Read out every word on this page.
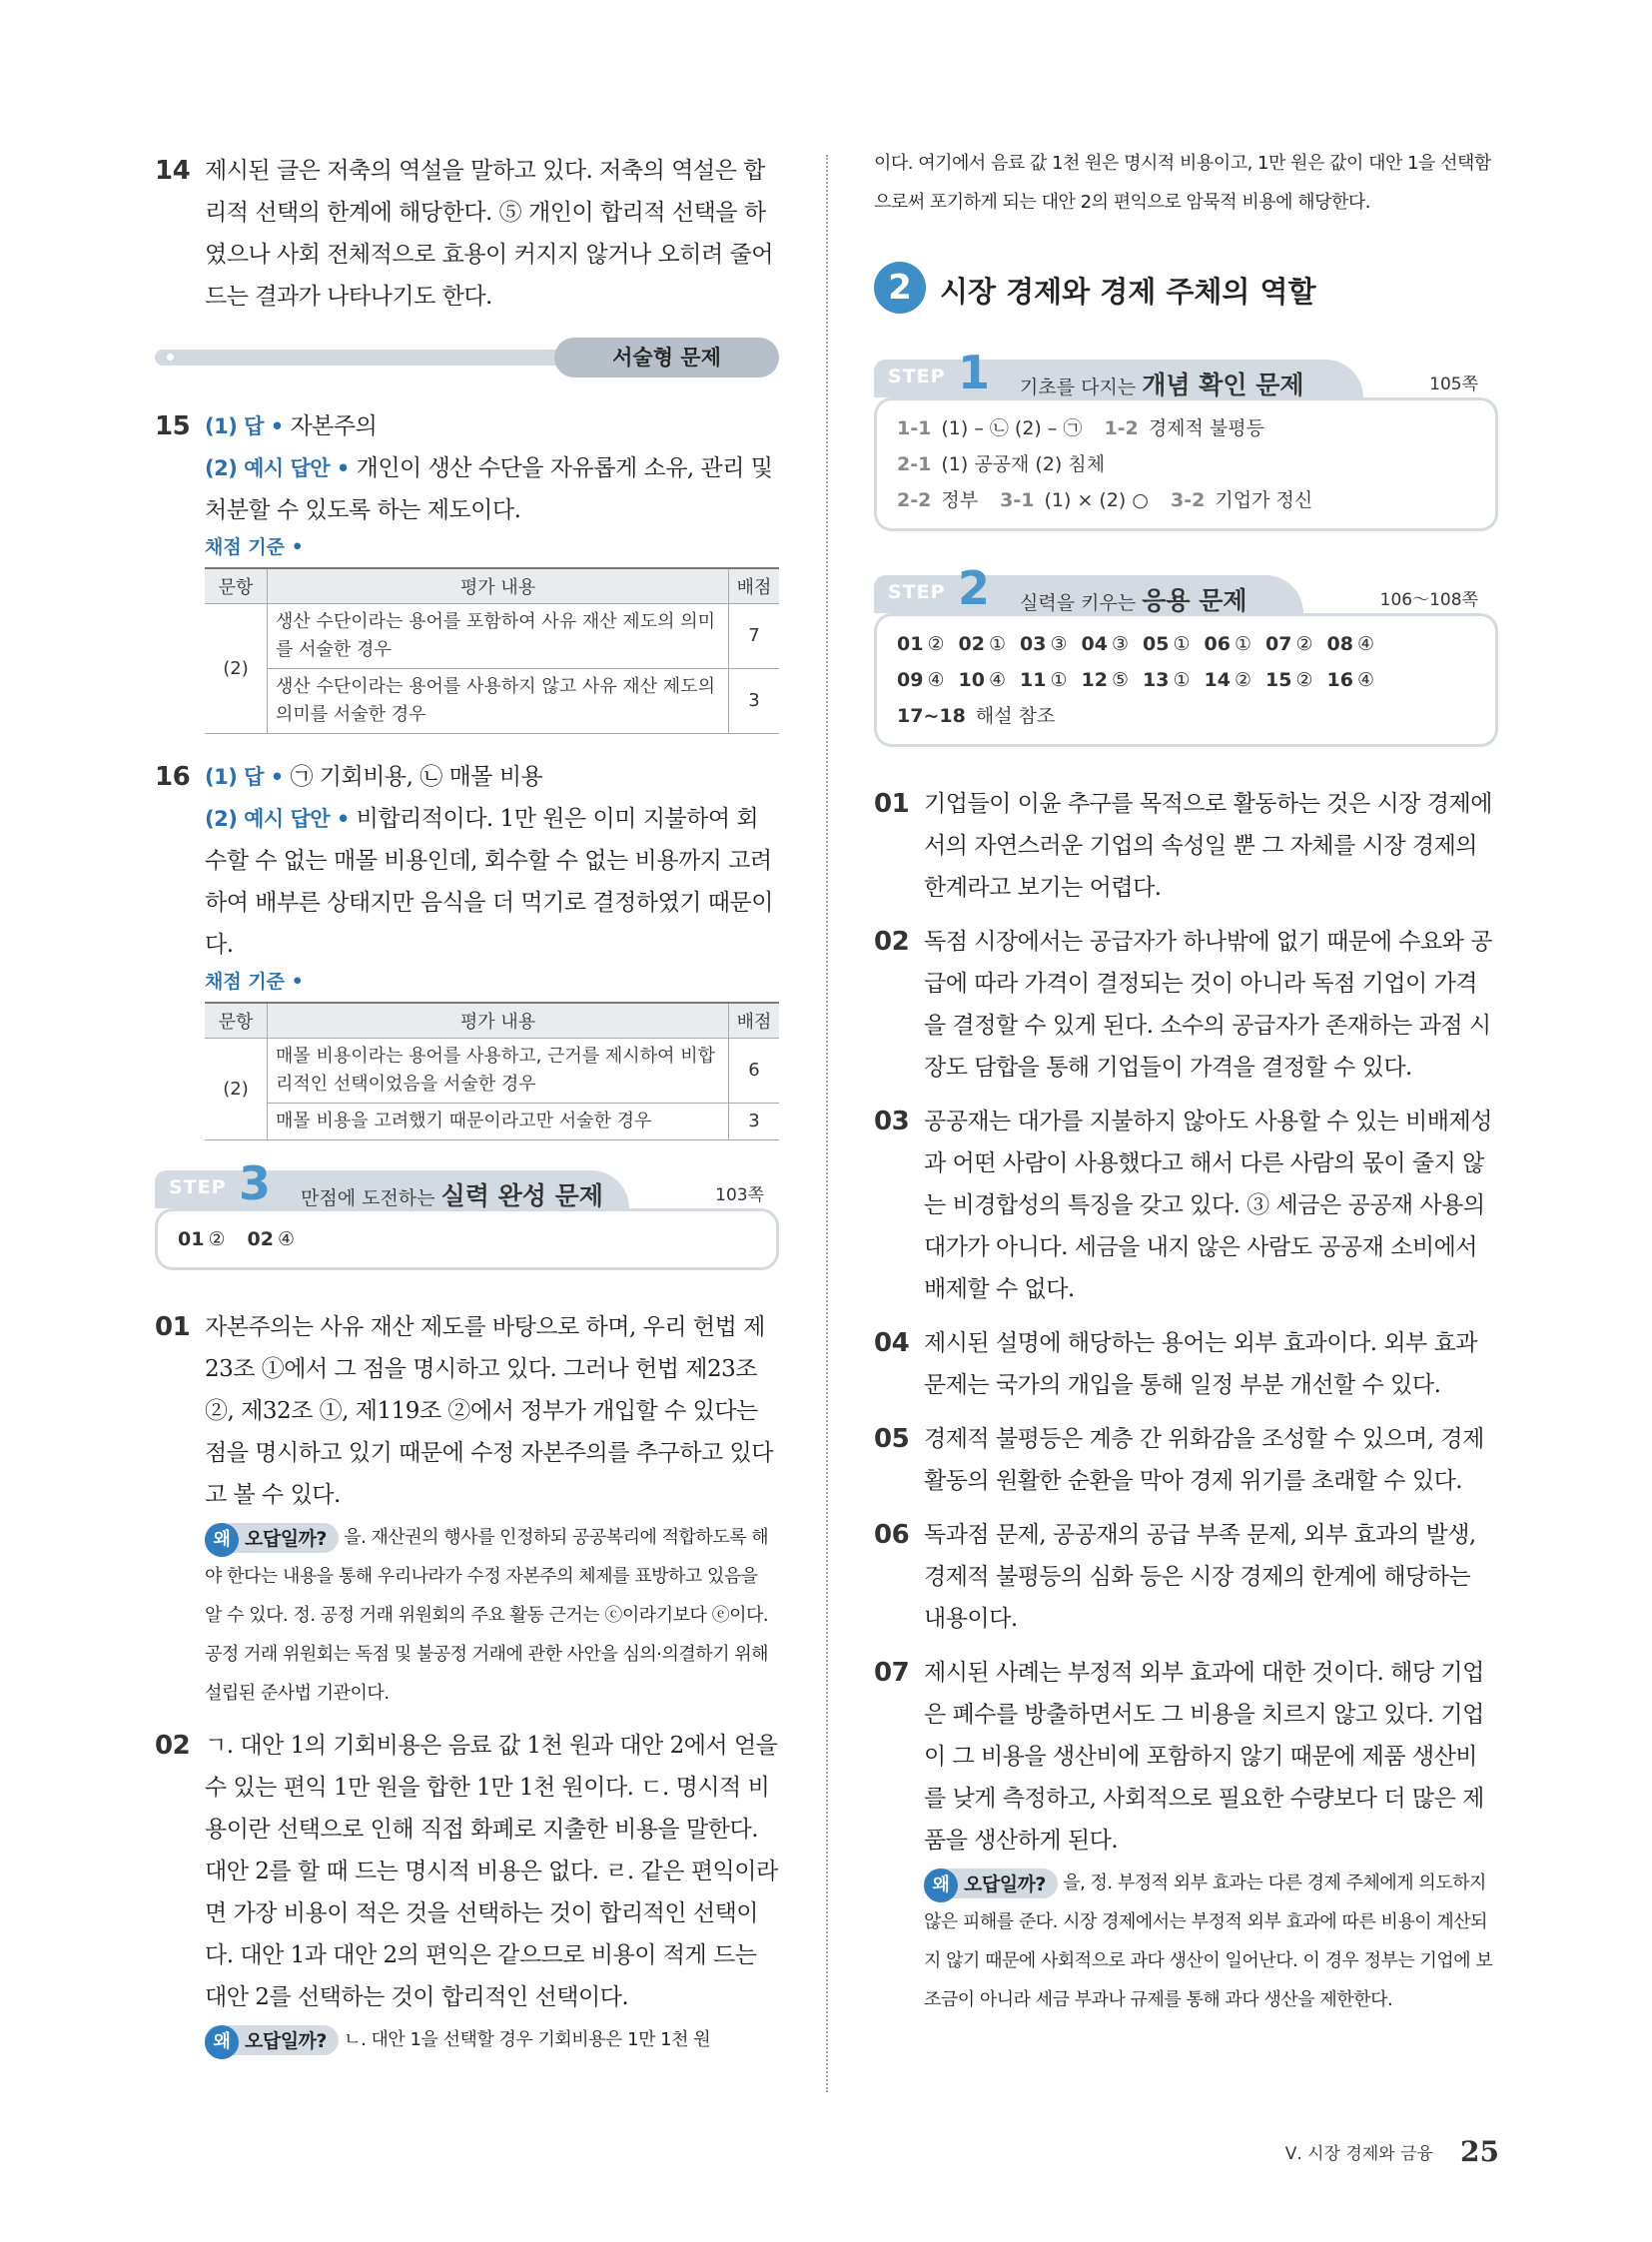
14 제시된 글은 저축의 역설을 말하고 있다. 저축의 역설은 합리적 선택의 한계에 해당한다. ⑤ 개인이 합리적 선택을 하였으나 사회 전체적으로 효용이 커지지 않거나 오히려 줄어드는 결과가 나타나기도 한다.
서술형 문제
15 (1) 답 • 자본주의
(2) 예시 답안 • 개인이 생산 수단을 자유롭게 소유, 관리 및 처분할 수 있도록 하는 제도이다.
채점 기준 •
문항	평가 내용	배점
(2)	생산 수단이라는 용어를 포함하여 사유 재산 제도의 의미를 서술한 경우	7
	생산 수단이라는 용어를 사용하지 않고 사유 재산 제도의 의미를 서술한 경우	3
16 (1) 답 • ㉠ 기회비용, ㉡ 매몰 비용
(2) 예시 답안 • 비합리적이다. 1만 원은 이미 지불하여 회수할 수 없는 매몰 비용인데, 회수할 수 없는 비용까지 고려하여 배부른 상태지만 음식을 더 먹기로 결정하였기 때문이다.
채점 기준 •
문항	평가 내용	배점
(2)	매몰 비용이라는 용어를 사용하고, 근거를 제시하여 비합리적인 선택이었음을 서술한 경우	6
	매몰 비용을 고려했기 때문이라고만 서술한 경우	3
STEP 3 만점에 도전하는 실력 완성 문제	103쪽
01 ② 02 ④
01 자본주의는 사유 재산 제도를 바탕으로 하며, 우리 헌법 제23조 ①에서 그 점을 명시하고 있다. 그러나 헌법 제23조 ②, 제32조 ①, 제119조 ②에서 정부가 개입할 수 있다는 점을 명시하고 있기 때문에 수정 자본주의를 추구하고 있다고 볼 수 있다.
왜 오답일까? 을. 재산권의 행사를 인정하되 공공복리에 적합하도록 해야 한다는 내용을 통해 우리나라가 수정 자본주의 체제를 표방하고 있음을 알 수 있다. 정. 공정 거래 위원회의 주요 활동 근거는 ⓒ이라기보다 ⓔ이다. 공정 거래 위원회는 독점 및 불공정 거래에 관한 사안을 심의·의결하기 위해 설립된 준사법 기관이다.
02 ㄱ. 대안 1의 기회비용은 음료 값 1천 원과 대안 2에서 얻을 수 있는 편익 1만 원을 합한 1만 1천 원이다. ㄷ. 명시적 비용이란 선택으로 인해 직접 화폐로 지출한 비용을 말한다. 대안 2를 할 때 드는 명시적 비용은 없다. ㄹ. 같은 편익이라면 가장 비용이 적은 것을 선택하는 것이 합리적인 선택이다. 대안 1과 대안 2의 편익은 같으므로 비용이 적게 드는 대안 2를 선택하는 것이 합리적인 선택이다.
왜 오답일까? ㄴ. 대안 1을 선택할 경우 기회비용은 1만 1천 원
이다. 여기에서 음료 값 1천 원은 명시적 비용이고, 1만 원은 값이 대안 1을 선택함으로써 포기하게 되는 대안 2의 편익으로 암묵적 비용에 해당한다.
2 시장 경제와 경제 주체의 역할
STEP 1 기초를 다지는 개념 확인 문제	105쪽
1-1 (1) – ㉡ (2) – ㉠ 1-2 경제적 불평등 2-1 (1) 공공재 (2) 침체
2-2 정부 3-1 (1) × (2) ○ 3-2 기업가 정신
STEP 2 실력을 키우는 응용 문제	106～108쪽
01 ② 02 ① 03 ③ 04 ③ 05 ① 06 ① 07 ② 08 ④
09 ④ 10 ④ 11 ① 12 ⑤ 13 ① 14 ② 15 ② 16 ④
17~18 해설 참조
01 기업들이 이윤 추구를 목적으로 활동하는 것은 시장 경제에서의 자연스러운 기업의 속성일 뿐 그 자체를 시장 경제의 한계라고 보기는 어렵다.
02 독점 시장에서는 공급자가 하나밖에 없기 때문에 수요와 공급에 따라 가격이 결정되는 것이 아니라 독점 기업이 가격을 결정할 수 있게 된다. 소수의 공급자가 존재하는 과점 시장도 담합을 통해 기업들이 가격을 결정할 수 있다.
03 공공재는 대가를 지불하지 않아도 사용할 수 있는 비배제성과 어떤 사람이 사용했다고 해서 다른 사람의 몫이 줄지 않는 비경합성의 특징을 갖고 있다. ③ 세금은 공공재 사용의 대가가 아니다. 세금을 내지 않은 사람도 공공재 소비에서 배제할 수 없다.
04 제시된 설명에 해당하는 용어는 외부 효과이다. 외부 효과 문제는 국가의 개입을 통해 일정 부분 개선할 수 있다.
05 경제적 불평등은 계층 간 위화감을 조성할 수 있으며, 경제 활동의 원활한 순환을 막아 경제 위기를 초래할 수 있다.
06 독과점 문제, 공공재의 공급 부족 문제, 외부 효과의 발생, 경제적 불평등의 심화 등은 시장 경제의 한계에 해당하는 내용이다.
07 제시된 사례는 부정적 외부 효과에 대한 것이다. 해당 기업은 폐수를 방출하면서도 그 비용을 치르지 않고 있다. 기업이 그 비용을 생산비에 포함하지 않기 때문에 제품 생산비를 낮게 측정하고, 사회적으로 필요한 수량보다 더 많은 제품을 생산하게 된다.
왜 오답일까? 을, 정. 부정적 외부 효과는 다른 경제 주체에게 의도하지 않은 피해를 준다. 시장 경제에서는 부정적 외부 효과에 따른 비용이 계산되지 않기 때문에 사회적으로 과다 생산이 일어난다. 이 경우 정부는 기업에 보조금이 아니라 세금 부과나 규제를 통해 과다 생산을 제한한다.
Ⅴ. 시장 경제와 금융 25
